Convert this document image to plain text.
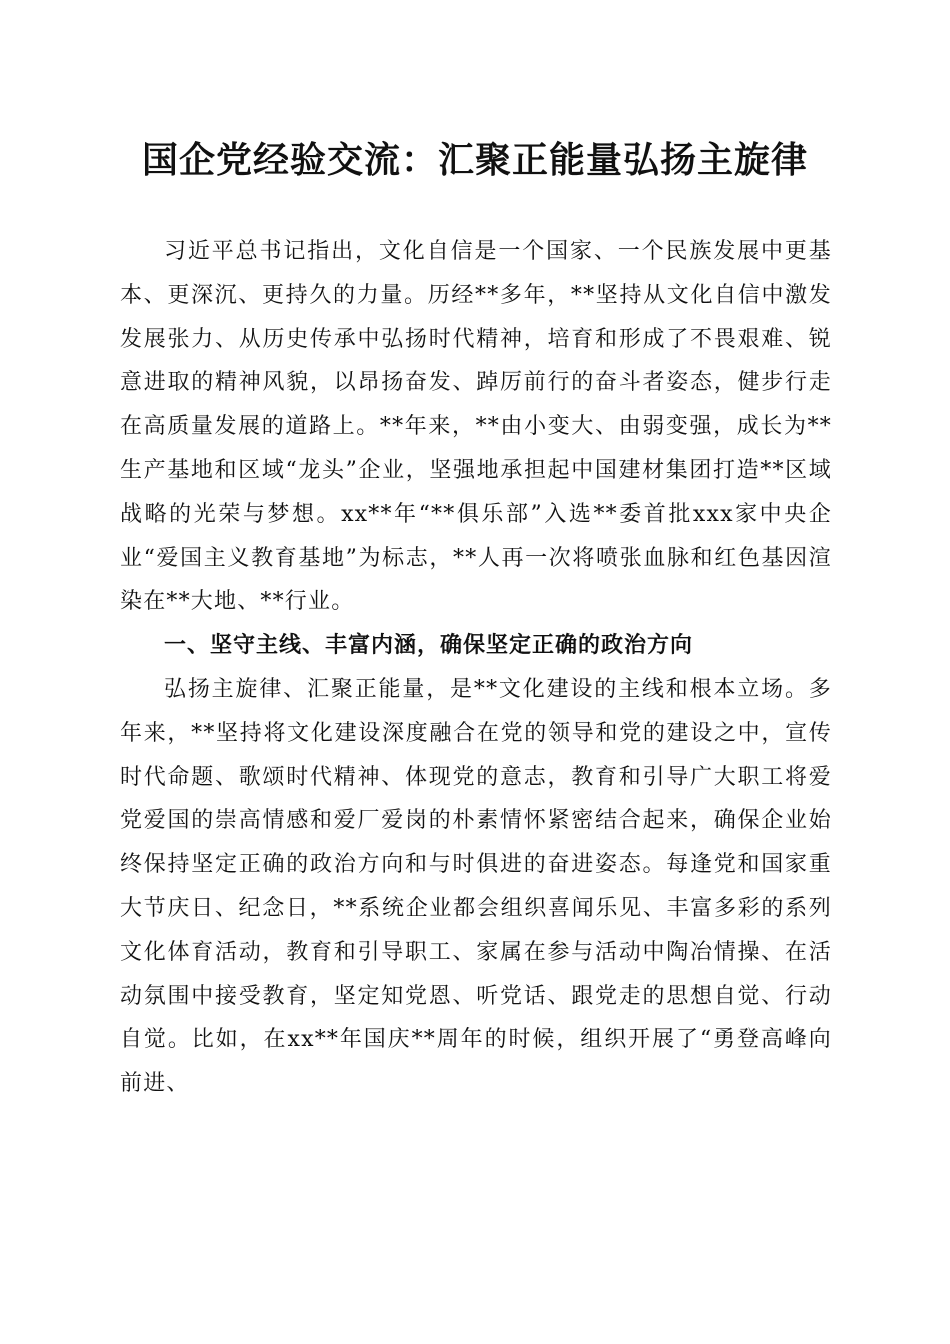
国企党经验交流：汇聚正能量弘扬主旋律

习近平总书记指出，文化自信是一个国家、一个民族发展中更基本、更深沉、更持久的力量。历经**多年，**坚持从文化自信中激发发展张力、从历史传承中弘扬时代精神，培育和形成了不畏艰难、锐意进取的精神风貌，以昂扬奋发、踔厉前行的奋斗者姿态，健步行走在高质量发展的道路上。**年来，**由小变大、由弱变强，成长为**生产基地和区域“龙头”企业，坚强地承担起中国建材集团打造**区域战略的光荣与梦想。xx**年“**俱乐部”入选**委首批xxx家中央企业“爱国主义教育基地”为标志，**人再一次将喷张血脉和红色基因渲染在**大地、**行业。

一、坚守主线、丰富内涵，确保坚定正确的政治方向

弘扬主旋律、汇聚正能量，是**文化建设的主线和根本立场。多年来，**坚持将文化建设深度融合在党的领导和党的建设之中，宣传时代命题、歌颂时代精神、体现党的意志，教育和引导广大职工将爱党爱国的崇高情感和爱厂爱岗的朴素情怀紧密结合起来，确保企业始终保持坚定正确的政治方向和与时俱进的奋进姿态。每逢党和国家重大节庆日、纪念日，**系统企业都会组织喜闻乐见、丰富多彩的系列文化体育活动，教育和引导职工、家属在参与活动中陶冶情操、在活动氛围中接受教育，坚定知党恩、听党话、跟党走的思想自觉、行动自觉。比如，在xx**年国庆**周年的时候，组织开展了“勇登高峰向前进、
